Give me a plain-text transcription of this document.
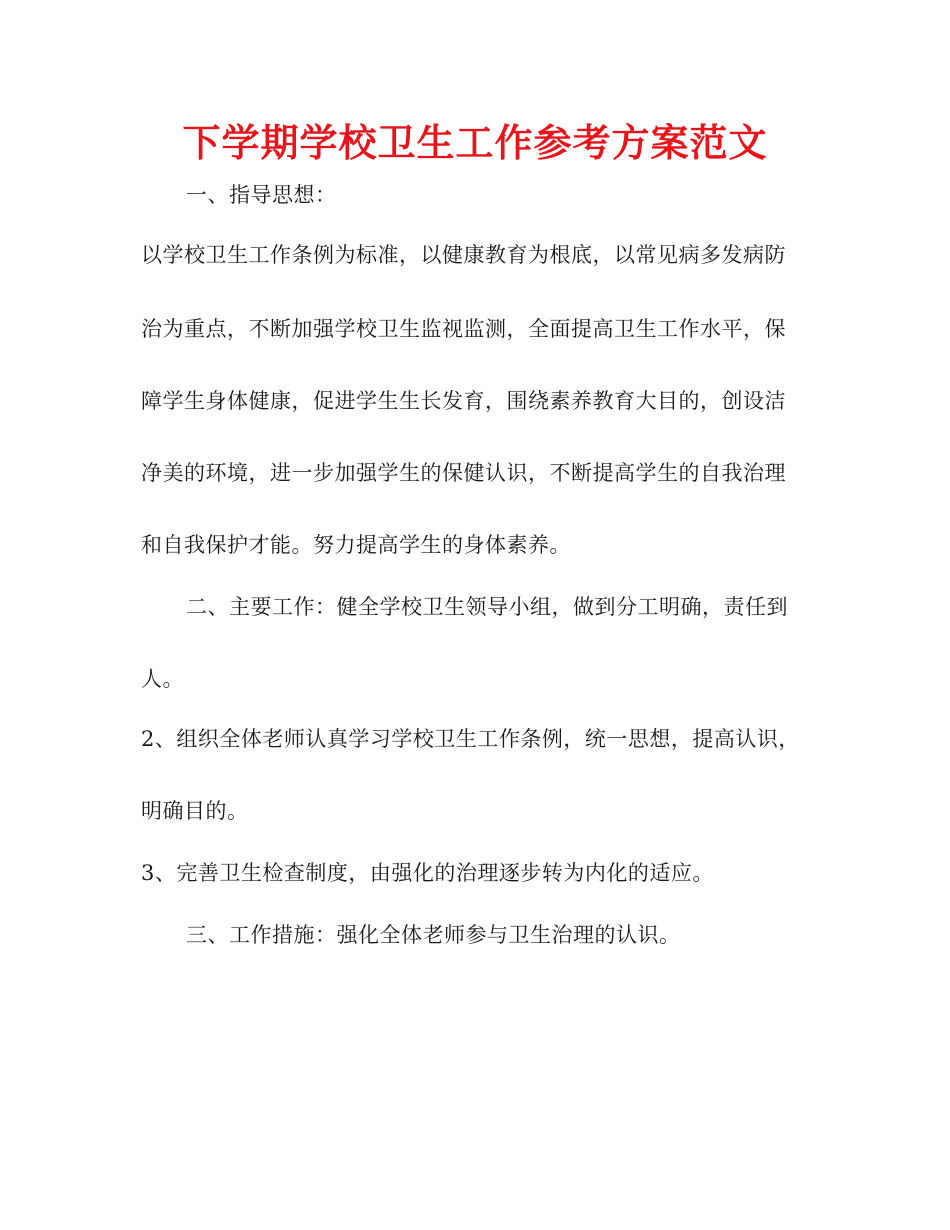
下学期学校卫生工作参考方案范文
一、指导思想：
以学校卫生工作条例为标准，以健康教育为根底，以常见病多发病防
治为重点，不断加强学校卫生监视监测，全面提高卫生工作水平，保
障学生身体健康，促进学生生长发育，围绕素养教育大目的，创设洁
净美的环境，进一步加强学生的保健认识，不断提高学生的自我治理
和自我保护才能。努力提高学生的身体素养。
二、主要工作：健全学校卫生领导小组，做到分工明确，责任到
人。
2、组织全体老师认真学习学校卫生工作条例，统一思想，提高认识，
明确目的。
3、完善卫生检查制度，由强化的治理逐步转为内化的适应。
三、工作措施：强化全体老师参与卫生治理的认识。
